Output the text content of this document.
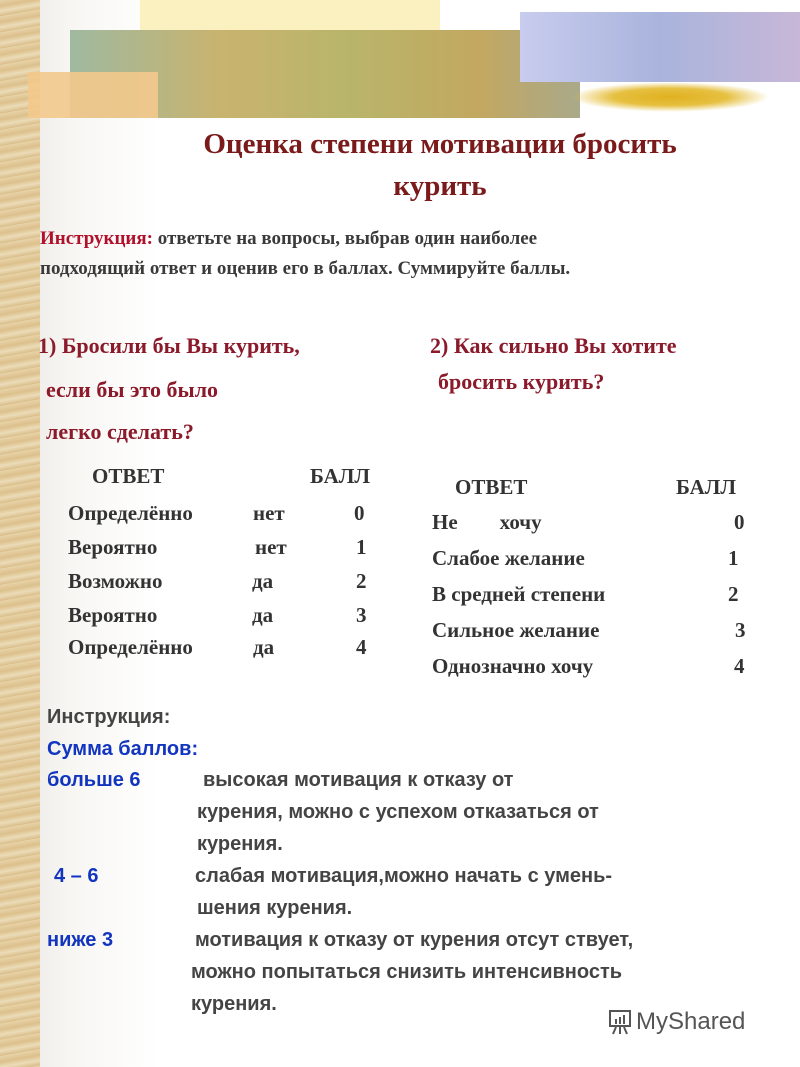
Оценка степени мотивации бросить
курить
Инструкция: ответьте на вопросы, выбрав один наиболее
подходящий ответ и оценив его в баллах. Суммируйте баллы.
1) Бросили бы Вы курить,
если бы это было
легко сделать?
2) Как сильно Вы хотите
бросить курить?
ОТВЕТ	БАЛЛ
Определённо	нет	0
Вероятно	нет	1
Возможно	да	2
Вероятно	да	3
Определённо	да	4
ОТВЕТ	БАЛЛ
Не        хочу	0
Слабое желание	1
В средней степени	2
Сильное желание	3
Однозначно хочу	4
Инструкция:
Сумма баллов:
больше 6	высокая мотивация к отказу от
курения, можно с успехом отказаться от
курения.
4 – 6	слабая мотивация,можно начать с умень-
шения курения.
ниже 3	мотивация к отказу от курения отсут ствует,
можно попытаться снизить интенсивность
курения.
MyShared
